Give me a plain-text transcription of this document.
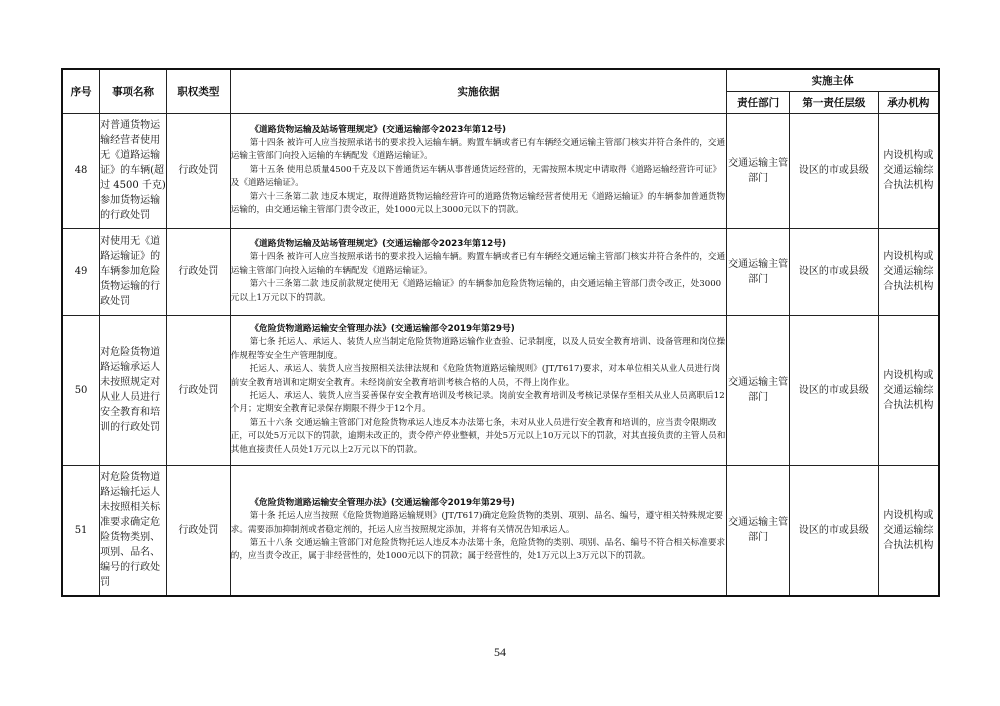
序号	事项名称	职权类型	实施依据	实施主体		
				责任部门	第一责任层级	承办机构
48	对普通货物运输经营者使用无《道路运输证》的车辆(超过 4500 千克)参加货物运输的行政处罚	行政处罚	《道路货物运输及站场管理规定》(交通运输部令2023年第12号)
第十四条 被许可人应当按照承诺书的要求投入运输车辆。购置车辆或者已有车辆经交通运输主管部门核实并符合条件的，交通运输主管部门向投入运输的车辆配发《道路运输证》。
第十五条 使用总质量4500千克及以下普通货运车辆从事普通货运经营的，无需按照本规定申请取得《道路运输经营许可证》及《道路运输证》。
第六十三条第二款 违反本规定，取得道路货物运输经营许可的道路货物运输经营者使用无《道路运输证》的车辆参加普通货物运输的，由交通运输主管部门责令改正，处1000元以上3000元以下的罚款。	交通运输主管部门	设区的市或县级	内设机构或交通运输综合执法机构
49	对使用无《道路运输证》的车辆参加危险货物运输的行政处罚	行政处罚	《道路货物运输及站场管理规定》(交通运输部令2023年第12号)
第十四条 被许可人应当按照承诺书的要求投入运输车辆。购置车辆或者已有车辆经交通运输主管部门核实并符合条件的，交通运输主管部门向投入运输的车辆配发《道路运输证》。
第六十三条第二款 违反前款规定使用无《道路运输证》的车辆参加危险货物运输的，由交通运输主管部门责令改正，处3000元以上1万元以下的罚款。	交通运输主管部门	设区的市或县级	内设机构或交通运输综合执法机构
50	对危险货物道路运输承运人未按照规定对从业人员进行安全教育和培训的行政处罚	行政处罚	《危险货物道路运输安全管理办法》(交通运输部令2019年第29号)
第七条 托运人、承运人、装货人应当制定危险货物道路运输作业查验、记录制度，以及人员安全教育培训、设备管理和岗位操作规程等安全生产管理制度。
托运人、承运人、装货人应当按照相关法律法规和《危险货物道路运输规则》(JT/T617)要求，对本单位相关从业人员进行岗前安全教育培训和定期安全教育。未经岗前安全教育培训考核合格的人员，不得上岗作业。
托运人、承运人、装货人应当妥善保存安全教育培训及考核记录。岗前安全教育培训及考核记录保存至相关从业人员离职后12个月；定期安全教育记录保存期限不得少于12个月。
第五十六条 交通运输主管部门对危险货物承运人违反本办法第七条，未对从业人员进行安全教育和培训的，应当责令限期改正，可以处5万元以下的罚款，逾期未改正的，责令停产停业整顿，并处5万元以上10万元以下的罚款，对其直接负责的主管人员和其他直接责任人员处1万元以上2万元以下的罚款。	交通运输主管部门	设区的市或县级	内设机构或交通运输综合执法机构
51	对危险货物道路运输托运人未按照相关标准要求确定危险货物类别、项别、品名、编号的行政处罚	行政处罚	《危险货物道路运输安全管理办法》(交通运输部令2019年第29号)
第十条 托运人应当按照《危险货物道路运输规则》(JT/T617)确定危险货物的类别、项别、品名、编号，遵守相关特殊规定要求。需要添加抑制剂或者稳定剂的，托运人应当按照规定添加，并将有关情况告知承运人。
第五十八条 交通运输主管部门对危险货物托运人违反本办法第十条，危险货物的类别、项别、品名、编号不符合相关标准要求的，应当责令改正，属于非经营性的，处1000元以下的罚款；属于经营性的，处1万元以上3万元以下的罚款。	交通运输主管部门	设区的市或县级	内设机构或交通运输综合执法机构
54
